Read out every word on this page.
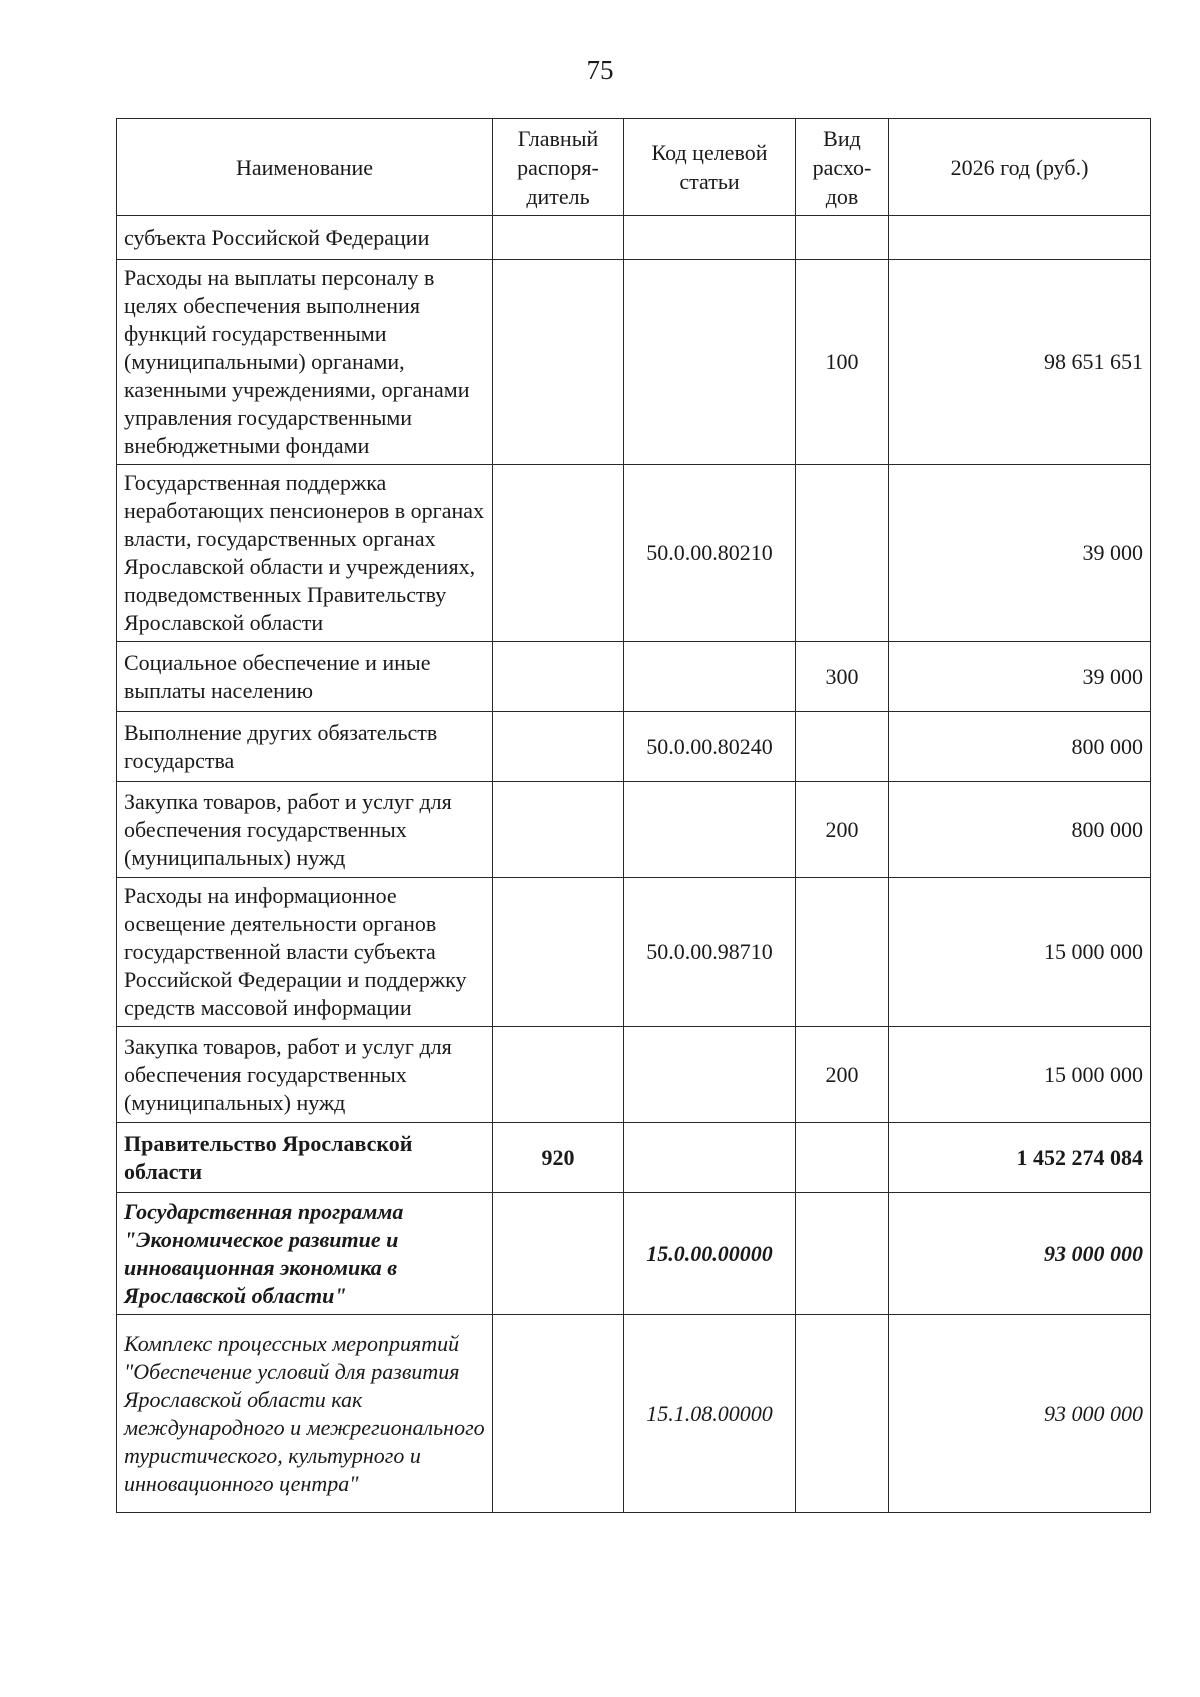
75
Наименование	Главный распоря-дитель	Код целевой статьи	Вид расхо-дов	2026 год (руб.)
субъекта Российской Федерации				
Расходы на выплаты персоналу в целях обеспечения выполнения функций государственными (муниципальными) органами, казенными учреждениями, органами управления государственными внебюджетными фондами			100	98 651 651
Государственная поддержка неработающих пенсионеров в органах власти, государственных органах Ярославской области и учреждениях, подведомственных Правительству Ярославской области		50.0.00.80210		39 000
Социальное обеспечение и иные выплаты населению			300	39 000
Выполнение других обязательств государства		50.0.00.80240		800 000
Закупка товаров, работ и услуг для обеспечения государственных (муниципальных) нужд			200	800 000
Расходы на информационное освещение деятельности органов государственной власти субъекта Российской Федерации и поддержку средств массовой информации		50.0.00.98710		15 000 000
Закупка товаров, работ и услуг для обеспечения государственных (муниципальных) нужд			200	15 000 000
Правительство Ярославской области	920			1 452 274 084
Государственная программа "Экономическое развитие и инновационная экономика в Ярославской области"		15.0.00.00000		93 000 000
Комплекс процессных мероприятий "Обеспечение условий для развития Ярославской области как международного и межрегионального туристического, культурного и инновационного центра"		15.1.08.00000		93 000 000
